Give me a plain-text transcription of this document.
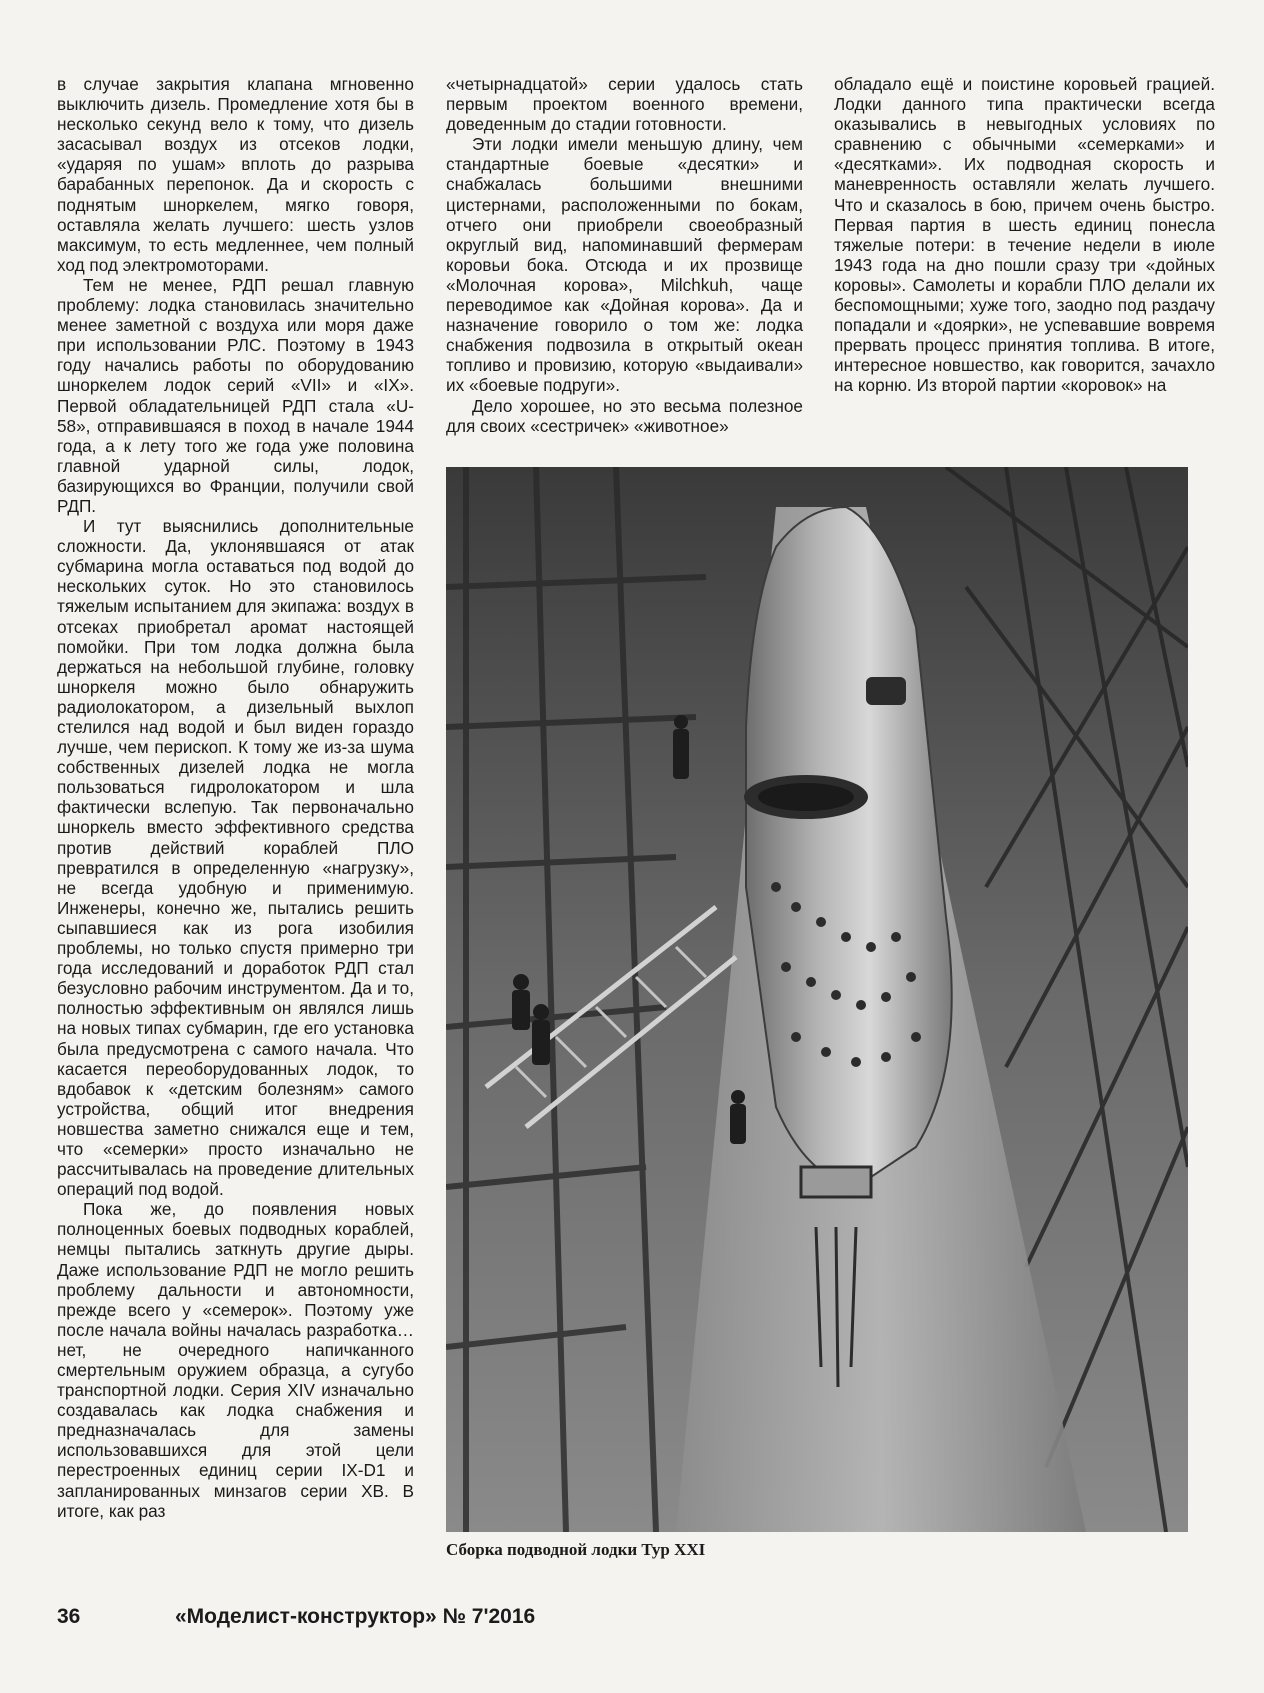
в случае закрытия клапана мгновенно выключить дизель. Промедление хотя бы в несколько секунд вело к тому, что дизель засасывал воздух из отсеков лодки, «ударяя по ушам» вплоть до разрыва барабанных перепонок. Да и скорость с поднятым шноркелем, мягко говоря, оставляла желать лучшего: шесть узлов максимум, то есть медленнее, чем полный ход под электромоторами.

Тем не менее, РДП решал главную проблему: лодка становилась значительно менее заметной с воздуха или моря даже при использовании РЛС. Поэтому в 1943 году начались работы по оборудованию шноркелем лодок серий «VII» и «IX». Первой обладательницей РДП стала «U-58», отправившаяся в поход в начале 1944 года, а к лету того же года уже половина главной ударной силы, лодок, базирующихся во Франции, получили свой РДП.

И тут выяснились дополнительные сложности. Да, уклонявшаяся от атак субмарина могла оставаться под водой до нескольких суток. Но это становилось тяжелым испытанием для экипажа: воздух в отсеках приобретал аромат настоящей помойки. При том лодка должна была держаться на небольшой глубине, головку шноркеля можно было обнаружить радиолокатором, а дизельный выхлоп стелился над водой и был виден гораздо лучше, чем перископ. К тому же из-за шума собственных дизелей лодка не могла пользоваться гидролокатором и шла фактически вслепую. Так первоначально шноркель вместо эффективного средства против действий кораблей ПЛО превратился в определенную «нагрузку», не всегда удобную и применимую. Инженеры, конечно же, пытались решить сыпавшиеся как из рога изобилия проблемы, но только спустя примерно три года исследований и доработок РДП стал безусловно рабочим инструментом. Да и то, полностью эффективным он являлся лишь на новых типах субмарин, где его установка была предусмотрена с самого начала. Что касается переоборудованных лодок, то вдобавок к «детским болезням» самого устройства, общий итог внедрения новшества заметно снижался еще и тем, что «семерки» просто изначально не рассчитывалась на проведение длительных операций под водой.

Пока же, до появления новых полноценных боевых подводных кораблей, немцы пытались заткнуть другие дыры. Даже использование РДП не могло решить проблему дальности и автономности, прежде всего у «семерок». Поэтому уже после начала войны началась разработка… нет, не очередного напичканного смертельным оружием образца, а сугубо транспортной лодки. Серия XIV изначально создавалась как лодка снабжения и предназначалась для замены использовавшихся для этой цели перестроенных единиц серии IX-D1 и запланированных минзагов серии ХВ. В итоге, как раз

«четырнадцатой» серии удалось стать первым проектом военного времени, доведенным до стадии готовности.

Эти лодки имели меньшую длину, чем стандартные боевые «десятки» и снабжалась большими внешними цистернами, расположенными по бокам, отчего они приобрели своеобразный округлый вид, напоминавший фермерам коровьи бока. Отсюда и их прозвище «Молочная корова», Milchkuh, чаще переводимое как «Дойная корова». Да и назначение говорило о том же: лодка снабжения подвозила в открытый океан топливо и провизию, которую «выдаивали» их «боевые подруги».

Дело хорошее, но это весьма полезное для своих «сестричек» «животное»

обладало ещё и поистине коровьей грацией. Лодки данного типа практически всегда оказывались в невыгодных условиях по сравнению с обычными «семерками» и «десятками». Их подводная скорость и маневренность оставляли желать лучшего. Что и сказалось в бою, причем очень быстро. Первая партия в шесть единиц понесла тяжелые потери: в течение недели в июле 1943 года на дно пошли сразу три «дойных коровы». Самолеты и корабли ПЛО делали их беспомощными; хуже того, заодно под раздачу попадали и «доярки», не успевавшие вовремя прервать процесс принятия топлива. В итоге, интересное новшество, как говорится, зачахло на корню. Из второй партии «коровок» на

Сборка подводной лодки Тур XXI
36	«Моделист-конструктор» № 7'2016
